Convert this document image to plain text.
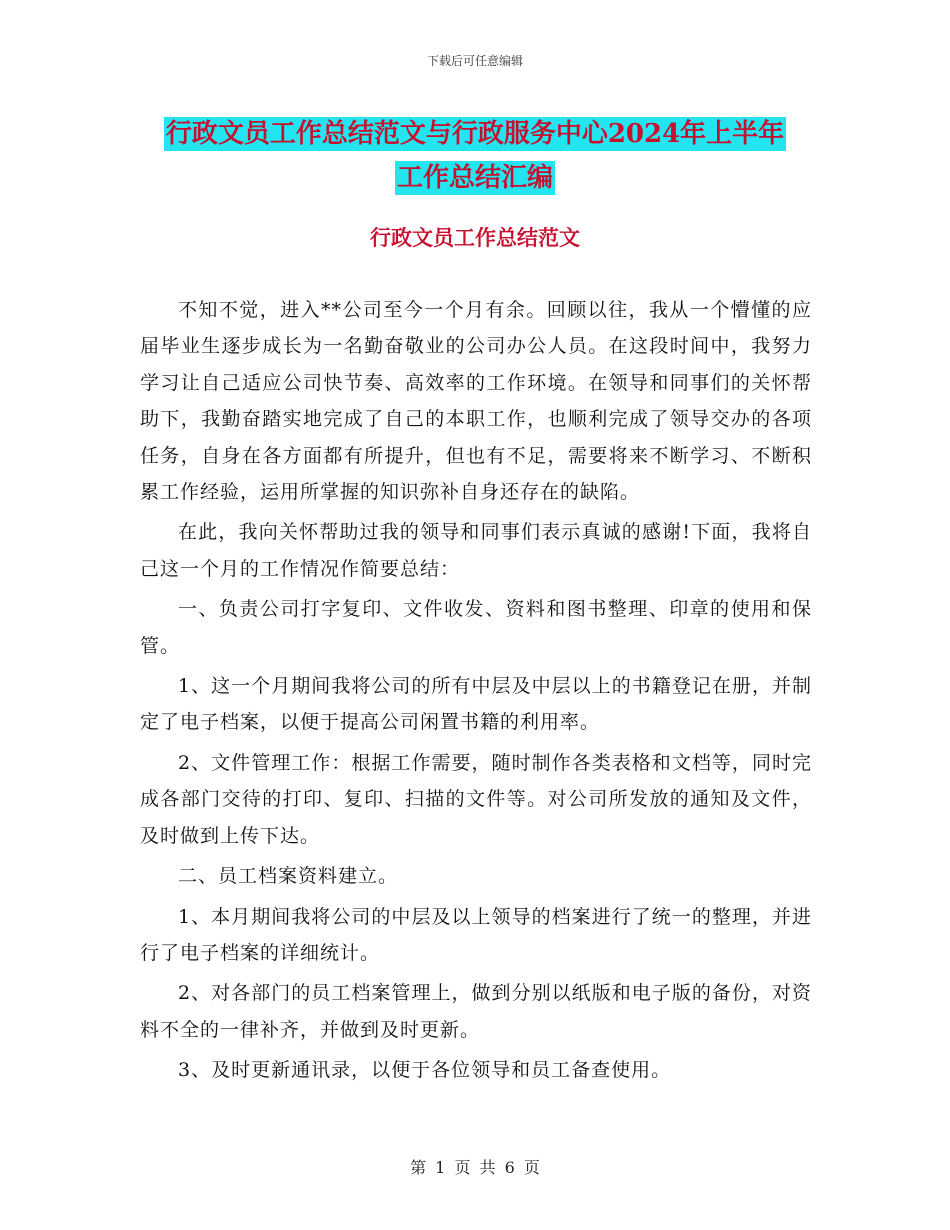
下载后可任意编辑
行政文员工作总结范文与行政服务中心2024年上半年
工作总结汇编
行政文员工作总结范文

不知不觉，进入**公司至今一个月有余。回顾以往，我从一个懵懂的应届毕业生逐步成长为一名勤奋敬业的公司办公人员。在这段时间中，我努力学习让自己适应公司快节奏、高效率的工作环境。在领导和同事们的关怀帮助下，我勤奋踏实地完成了自己的本职工作，也顺利完成了领导交办的各项任务，自身在各方面都有所提升，但也有不足，需要将来不断学习、不断积累工作经验，运用所掌握的知识弥补自身还存在的缺陷。

在此，我向关怀帮助过我的领导和同事们表示真诚的感谢!下面，我将自己这一个月的工作情况作简要总结：

一、负责公司打字复印、文件收发、资料和图书整理、印章的使用和保管。

1、这一个月期间我将公司的所有中层及中层以上的书籍登记在册，并制定了电子档案，以便于提高公司闲置书籍的利用率。

2、文件管理工作：根据工作需要，随时制作各类表格和文档等，同时完成各部门交待的打印、复印、扫描的文件等。对公司所发放的通知及文件，及时做到上传下达。

二、员工档案资料建立。

1、本月期间我将公司的中层及以上领导的档案进行了统一的整理，并进行了电子档案的详细统计。

2、对各部门的员工档案管理上，做到分别以纸版和电子版的备份，对资料不全的一律补齐，并做到及时更新。

3、及时更新通讯录，以便于各位领导和员工备查使用。

第 1 页 共 6 页
